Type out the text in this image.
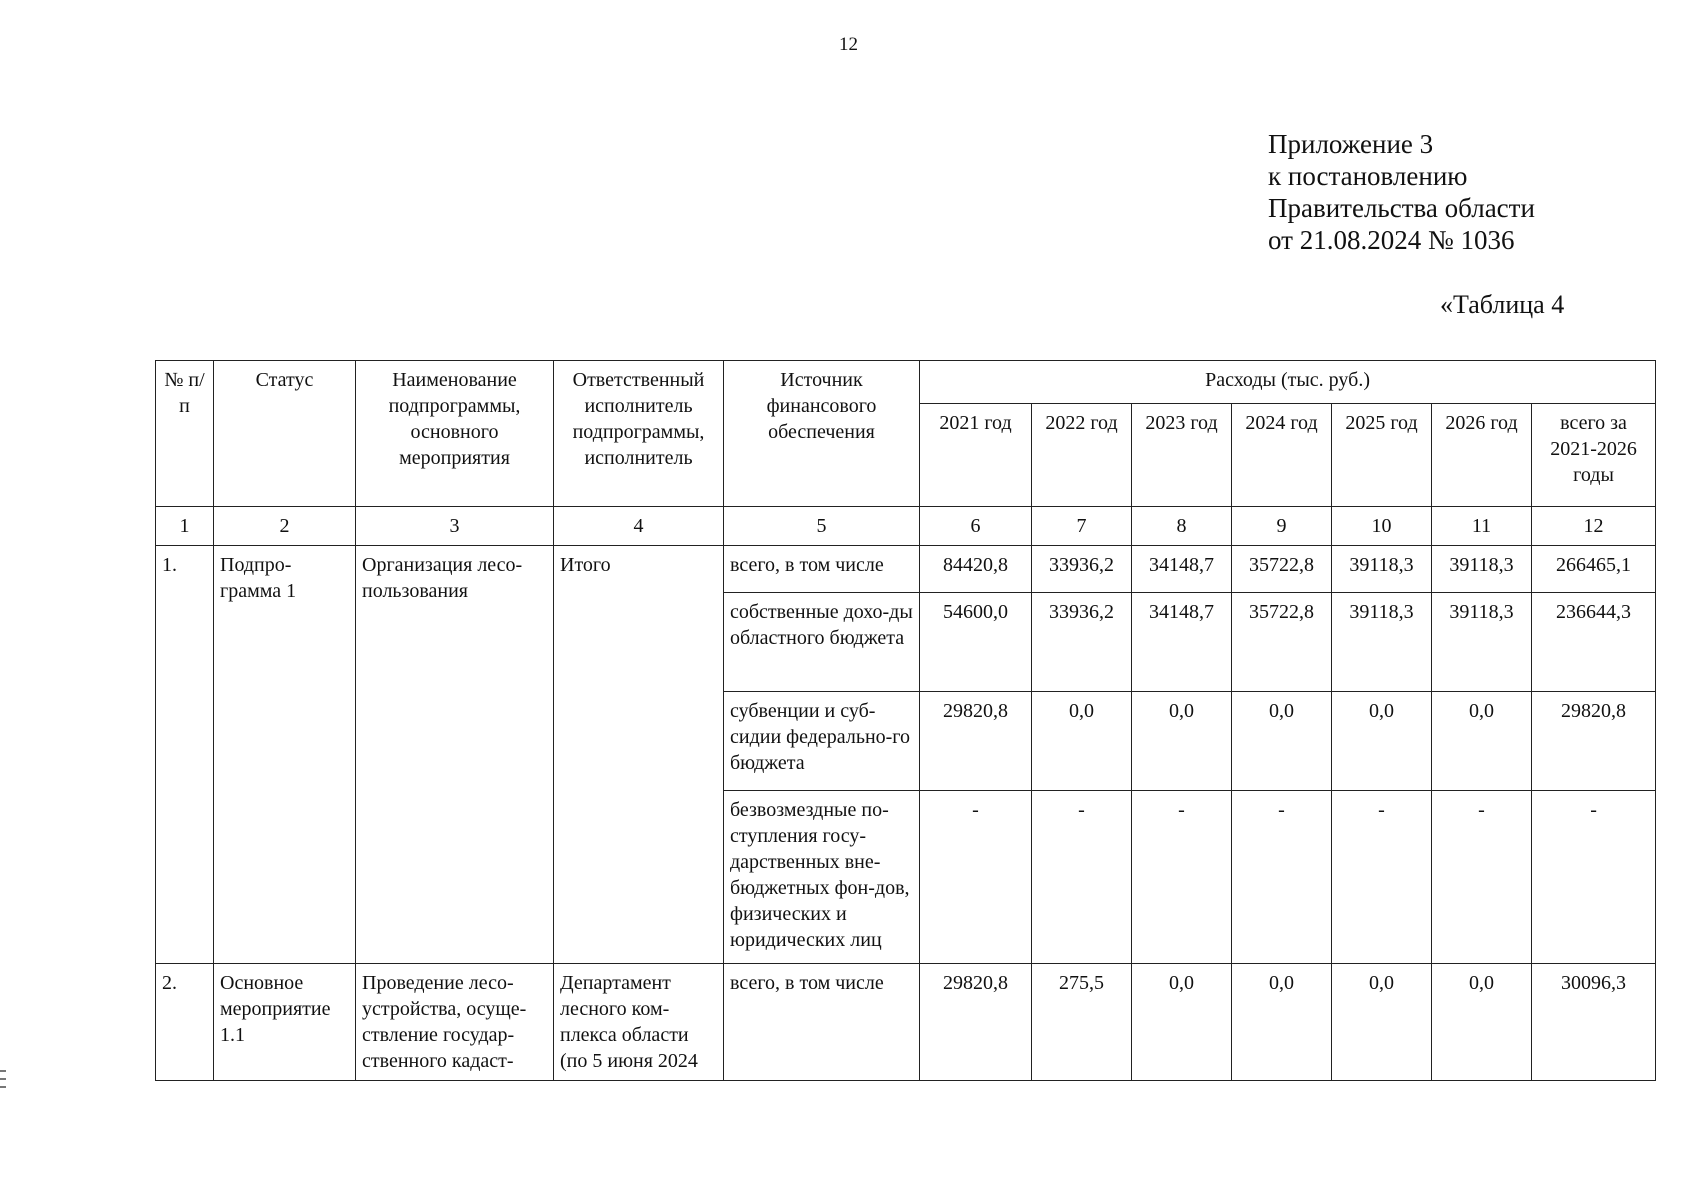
12
Приложение 3
к постановлению
Правительства области
от 21.08.2024 № 1036
«Таблица 4
№ п/п	Статус	Наименование подпрограммы, основного мероприятия	Ответственный исполнитель подпрограммы, исполнитель	Источник финансового обеспечения	Расходы (тыс. руб.)						
					2021 год	2022 год	2023 год	2024 год	2025 год	2026 год	всего за 2021-2026 годы
1	2	3	4	5	6	7	8	9	10	11	12
1.	Подпро-грамма 1	Организация лесо-пользования	Итого	всего, в том числе	84420,8	33936,2	34148,7	35722,8	39118,3	39118,3	266465,1
				собственные дохо-ды областного бюджета	54600,0	33936,2	34148,7	35722,8	39118,3	39118,3	236644,3
				субвенции и суб-сидии федерально-го бюджета	29820,8	0,0	0,0	0,0	0,0	0,0	29820,8
				безвозмездные по-ступления госу-дарственных вне-бюджетных фон-дов, физических и юридических лиц	-	-	-	-	-	-	-
2.	Основное мероприятие 1.1	Проведение лесо-устройства, осуще-ствление государ-ственного кадаст-	Департамент лесного ком-плекса области (по 5 июня 2024	всего, в том числе	29820,8	275,5	0,0	0,0	0,0	0,0	30096,3
